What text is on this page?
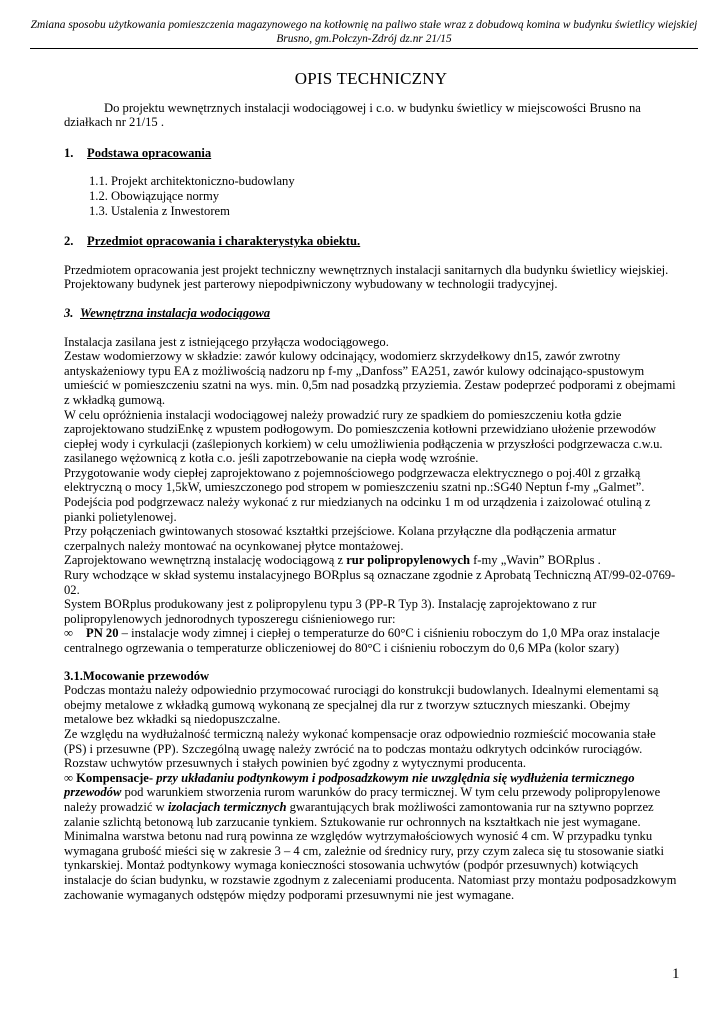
Zmiana sposobu użytkowania pomieszczenia magazynowego na kotłownię na paliwo stałe wraz z dobudową komina w budynku świetlicy wiejskiej
Brusno, gm.Połczyn-Zdrój dz.nr 21/15
OPIS TECHNICZNY
Do projektu wewnętrznych instalacji wodociągowej i c.o. w budynku świetlicy w miejscowości Brusno na działkach nr 21/15 .
1. Podstawa opracowania
1.1. Projekt architektoniczno-budowlany
1.2. Obowiązujące normy
1.3. Ustalenia z Inwestorem
2. Przedmiot opracowania i charakterystyka obiektu.
Przedmiotem opracowania jest projekt techniczny wewnętrznych instalacji sanitarnych dla budynku świetlicy wiejskiej. Projektowany budynek jest parterowy niepodpiwniczony wybudowany w technologii tradycyjnej.
3. Wewnętrzna instalacja wodociągowa
Instalacja zasilana jest z istniejącego przyłącza wodociągowego.
Zestaw wodomierzowy w składzie: zawór kulowy odcinający, wodomierz skrzydełkowy dn15, zawór zwrotny antyskażeniowy typu EA z możliwością nadzoru np f-my „Danfoss” EA251, zawór kulowy odcinająco-spustowym umieścić w pomieszczeniu szatni na wys. min. 0,5m nad posadzką przyziemia. Zestaw podeprzeć podporami z obejmami z wkładką gumową.
W celu opróżnienia instalacji wodociągowej należy prowadzić rury ze spadkiem do pomieszczeniu kotła gdzie zaprojektowano studziEnkę z wpustem podłogowym. Do pomieszczenia kotłowni przewidziano ułożenie przewodów ciepłej wody i cyrkulacji (zaślepionych korkiem) w celu umożliwienia podłączenia w przyszłości podgrzewacza c.w.u. zasilanego wężownicą z kotła c.o. jeśli zapotrzebowanie na ciepła wodę wzrośnie.
Przygotowanie wody ciepłej zaprojektowano z pojemnościowego podgrzewacza elektrycznego o poj.40l z grzałką elektryczną o mocy 1,5kW, umieszczonego pod stropem w pomieszczeniu szatni np.:SG40 Neptun f-my „Galmet”. Podejścia pod podgrzewacz należy wykonać z rur miedzianych na odcinku 1 m od urządzenia i zaizolować otuliną z pianki polietylenowej.
Przy połączeniach gwintowanych stosować kształtki przejściowe. Kolana przyłączne dla podłączenia armatur czerpalnych należy montować na ocynkowanej płytce montażowej.
Zaprojektowano wewnętrzną instalację wodociągową z rur polipropylenowych f-my „Wavin” BORplus .
Rury wchodzące w skład systemu instalacyjnego BORplus są oznaczane zgodnie z Aprobatą Techniczną AT/99-02-0769-02.
System BORplus produkowany jest z polipropylenu typu 3 (PP-R Typ 3). Instalację zaprojektowano z rur polipropylenowych jednorodnych typoszeregu ciśnieniowego rur:
∞ PN 20 – instalacje wody zimnej i ciepłej o temperaturze do 60°C i ciśnieniu roboczym do 1,0 MPa oraz instalacje centralnego ogrzewania o temperaturze obliczeniowej do 80°C i ciśnieniu roboczym do 0,6 MPa (kolor szary)
3.1.Mocowanie przewodów
Podczas montażu należy odpowiednio przymocować rurociągi do konstrukcji budowlanych. Idealnymi elementami są obejmy metalowe z wkładką gumową wykonaną ze specjalnej dla rur z tworzyw sztucznych mieszanki. Obejmy metalowe bez wkładki są niedopuszczalne.
Ze względu na wydłużalność termiczną należy wykonać kompensacje oraz odpowiednio rozmieścić mocowania stałe (PS) i przesuwne (PP). Szczególną uwagę należy zwrócić na to podczas montażu odkrytych odcinków rurociągów. Rozstaw uchwytów przesuwnych i stałych powinien być zgodny z wytycznymi producenta.
∞ Kompensacje- przy układaniu podtynkowym i podposadzkowym nie uwzględnia się wydłużenia termicznego przewodów pod warunkiem stworzenia rurom warunków do pracy termicznej. W tym celu przewody polipropylenowe należy prowadzić w izolacjach termicznych gwarantujących brak możliwości zamontowania rur na sztywno poprzez zalanie szlichtą betonową lub zarzucanie tynkiem. Sztukowanie rur ochronnych na kształtkach nie jest wymagane. Minimalna warstwa betonu nad rurą powinna ze względów wytrzymałościowych wynosić 4 cm. W przypadku tynku wymagana grubość mieści się w zakresie 3 – 4 cm, zależnie od średnicy rury, przy czym zaleca się tu stosowanie siatki tynkarskiej. Montaż podtynkowy wymaga konieczności stosowania uchwytów (podpór przesuwnych) kotwiących instalacje do ścian budynku, w rozstawie zgodnym z zaleceniami producenta. Natomiast przy montażu podposadzkowym zachowanie wymaganych odstępów między podporami przesuwnymi nie jest wymagane.
1
